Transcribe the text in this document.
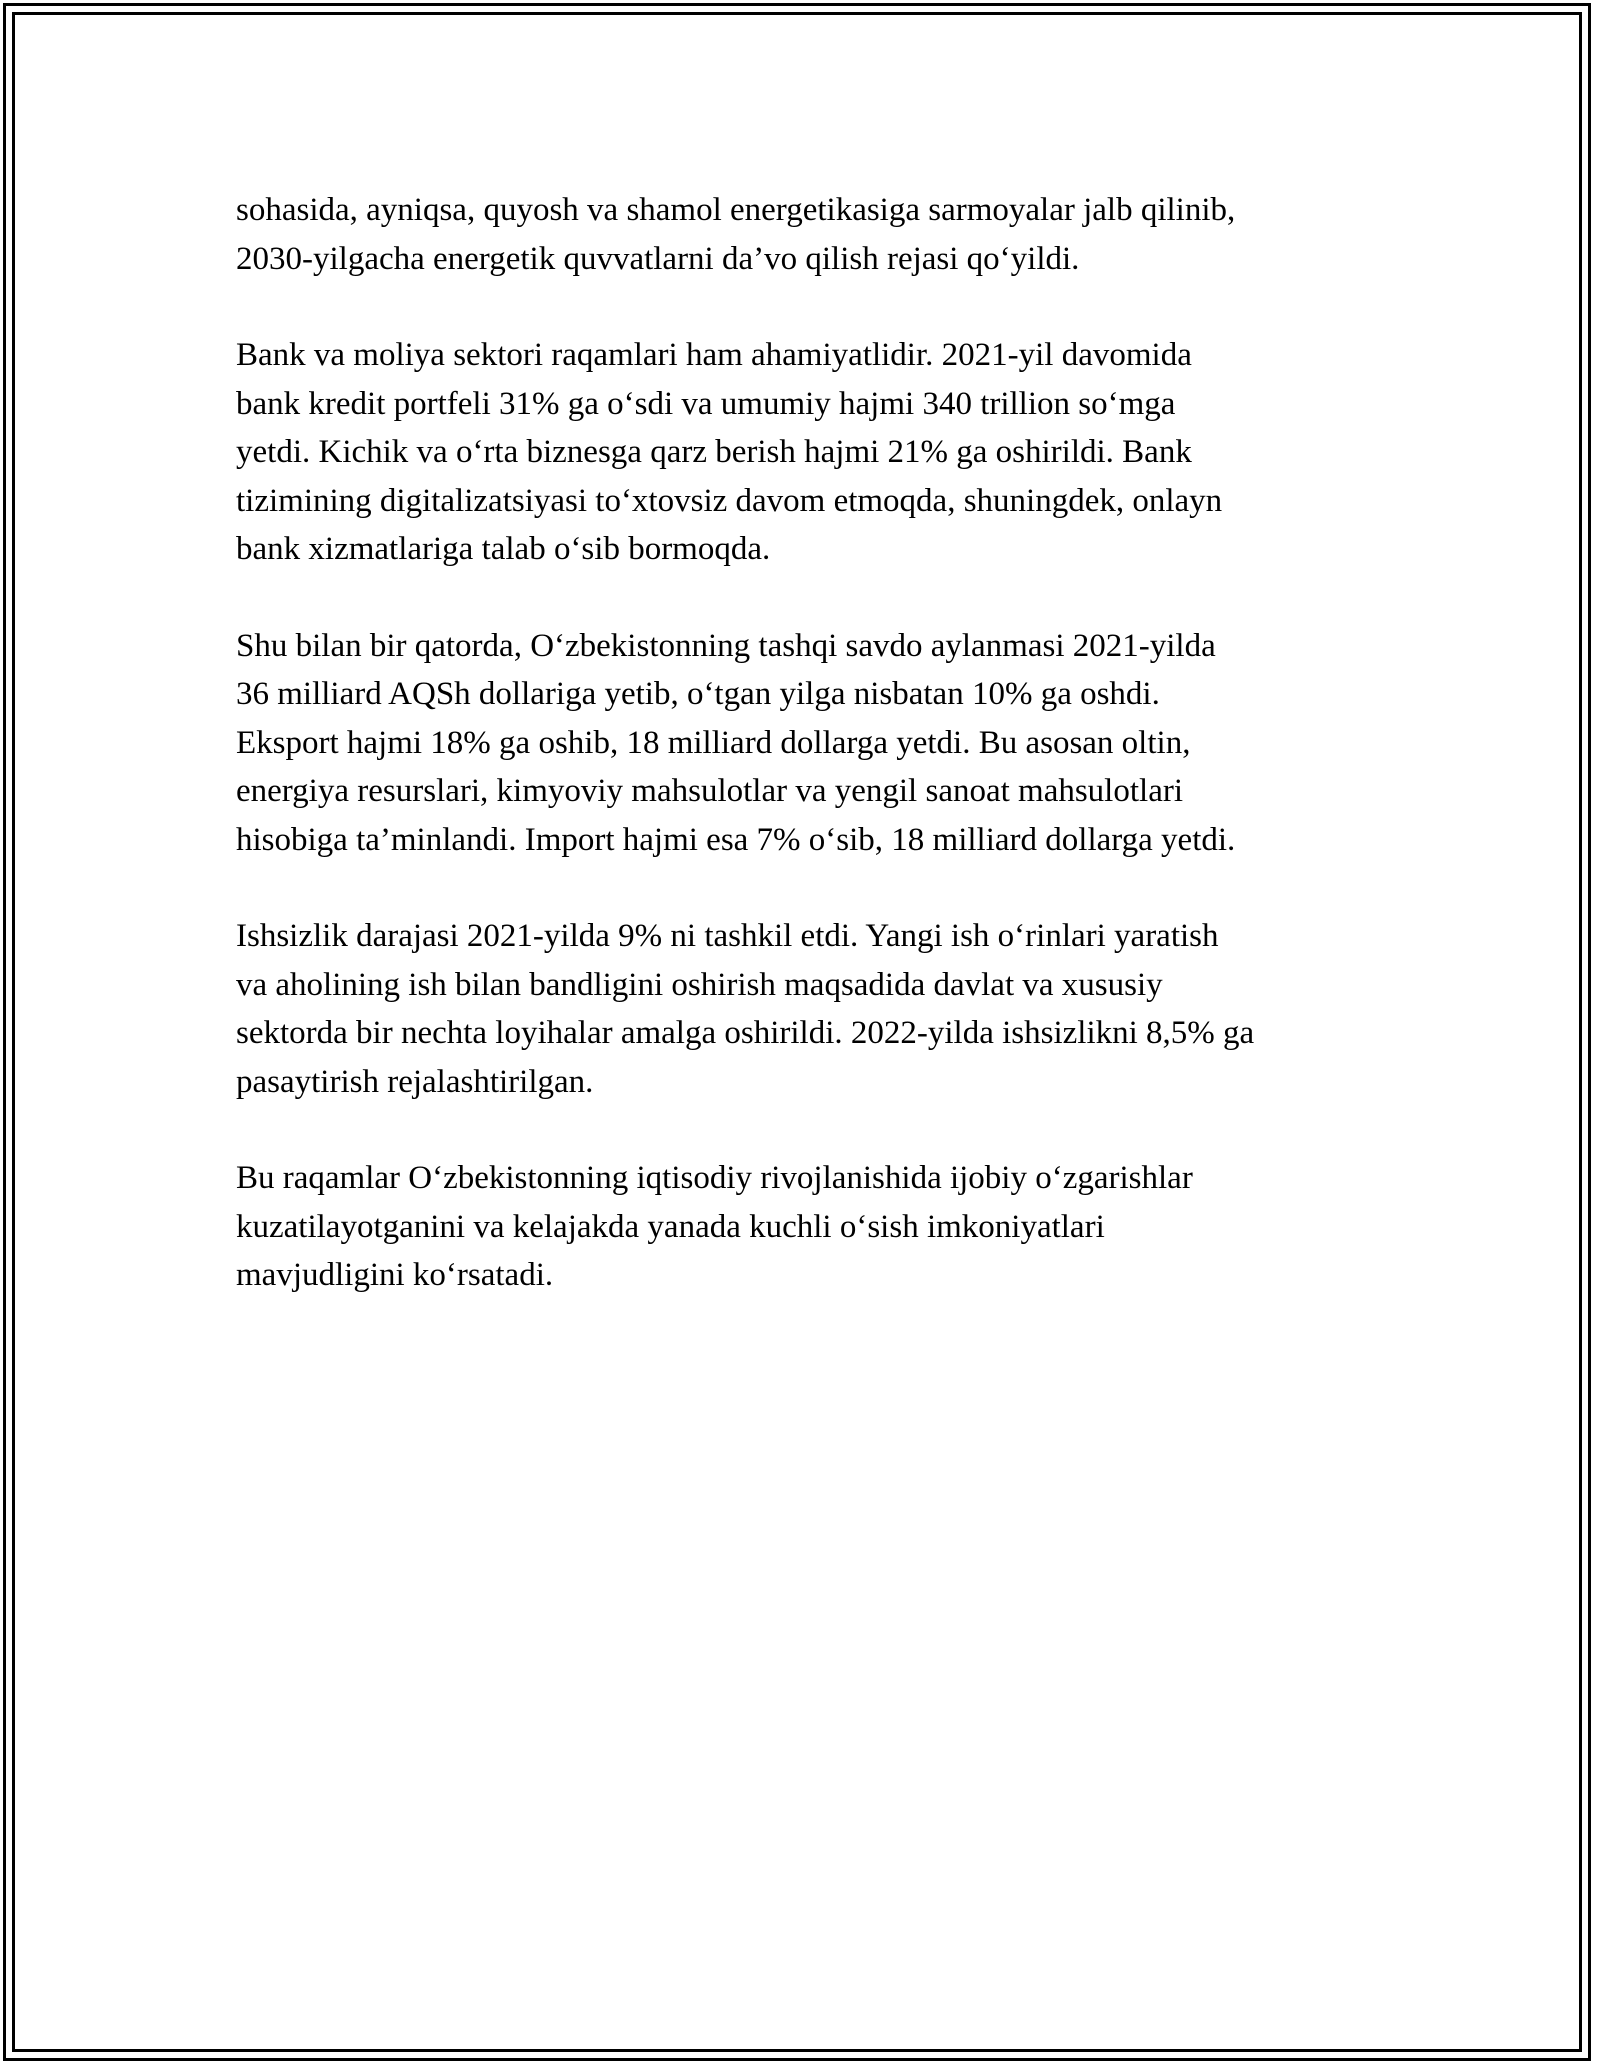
sohasida, ayniqsa, quyosh va shamol energetikasiga sarmoyalar jalb qilinib,
2030-yilgacha energetik quvvatlarni da’vo qilish rejasi qo‘yildi.

Bank va moliya sektori raqamlari ham ahamiyatlidir. 2021-yil davomida
bank kredit portfeli 31% ga o‘sdi va umumiy hajmi 340 trillion so‘mga
yetdi. Kichik va o‘rta biznesga qarz berish hajmi 21% ga oshirildi. Bank
tizimining digitalizatsiyasi to‘xtovsiz davom etmoqda, shuningdek, onlayn
bank xizmatlariga talab o‘sib bormoqda.

Shu bilan bir qatorda, O‘zbekistonning tashqi savdo aylanmasi 2021-yilda
36 milliard AQSh dollariga yetib, o‘tgan yilga nisbatan 10% ga oshdi.
Eksport hajmi 18% ga oshib, 18 milliard dollarga yetdi. Bu asosan oltin,
energiya resurslari, kimyoviy mahsulotlar va yengil sanoat mahsulotlari
hisobiga ta’minlandi. Import hajmi esa 7% o‘sib, 18 milliard dollarga yetdi.

Ishsizlik darajasi 2021-yilda 9% ni tashkil etdi. Yangi ish o‘rinlari yaratish
va aholining ish bilan bandligini oshirish maqsadida davlat va xususiy
sektorda bir nechta loyihalar amalga oshirildi. 2022-yilda ishsizlikni 8,5% ga
pasaytirish rejalashtirilgan.

Bu raqamlar O‘zbekistonning iqtisodiy rivojlanishida ijobiy o‘zgarishlar
kuzatilayotganini va kelajakda yanada kuchli o‘sish imkoniyatlari
mavjudligini ko‘rsatadi.
